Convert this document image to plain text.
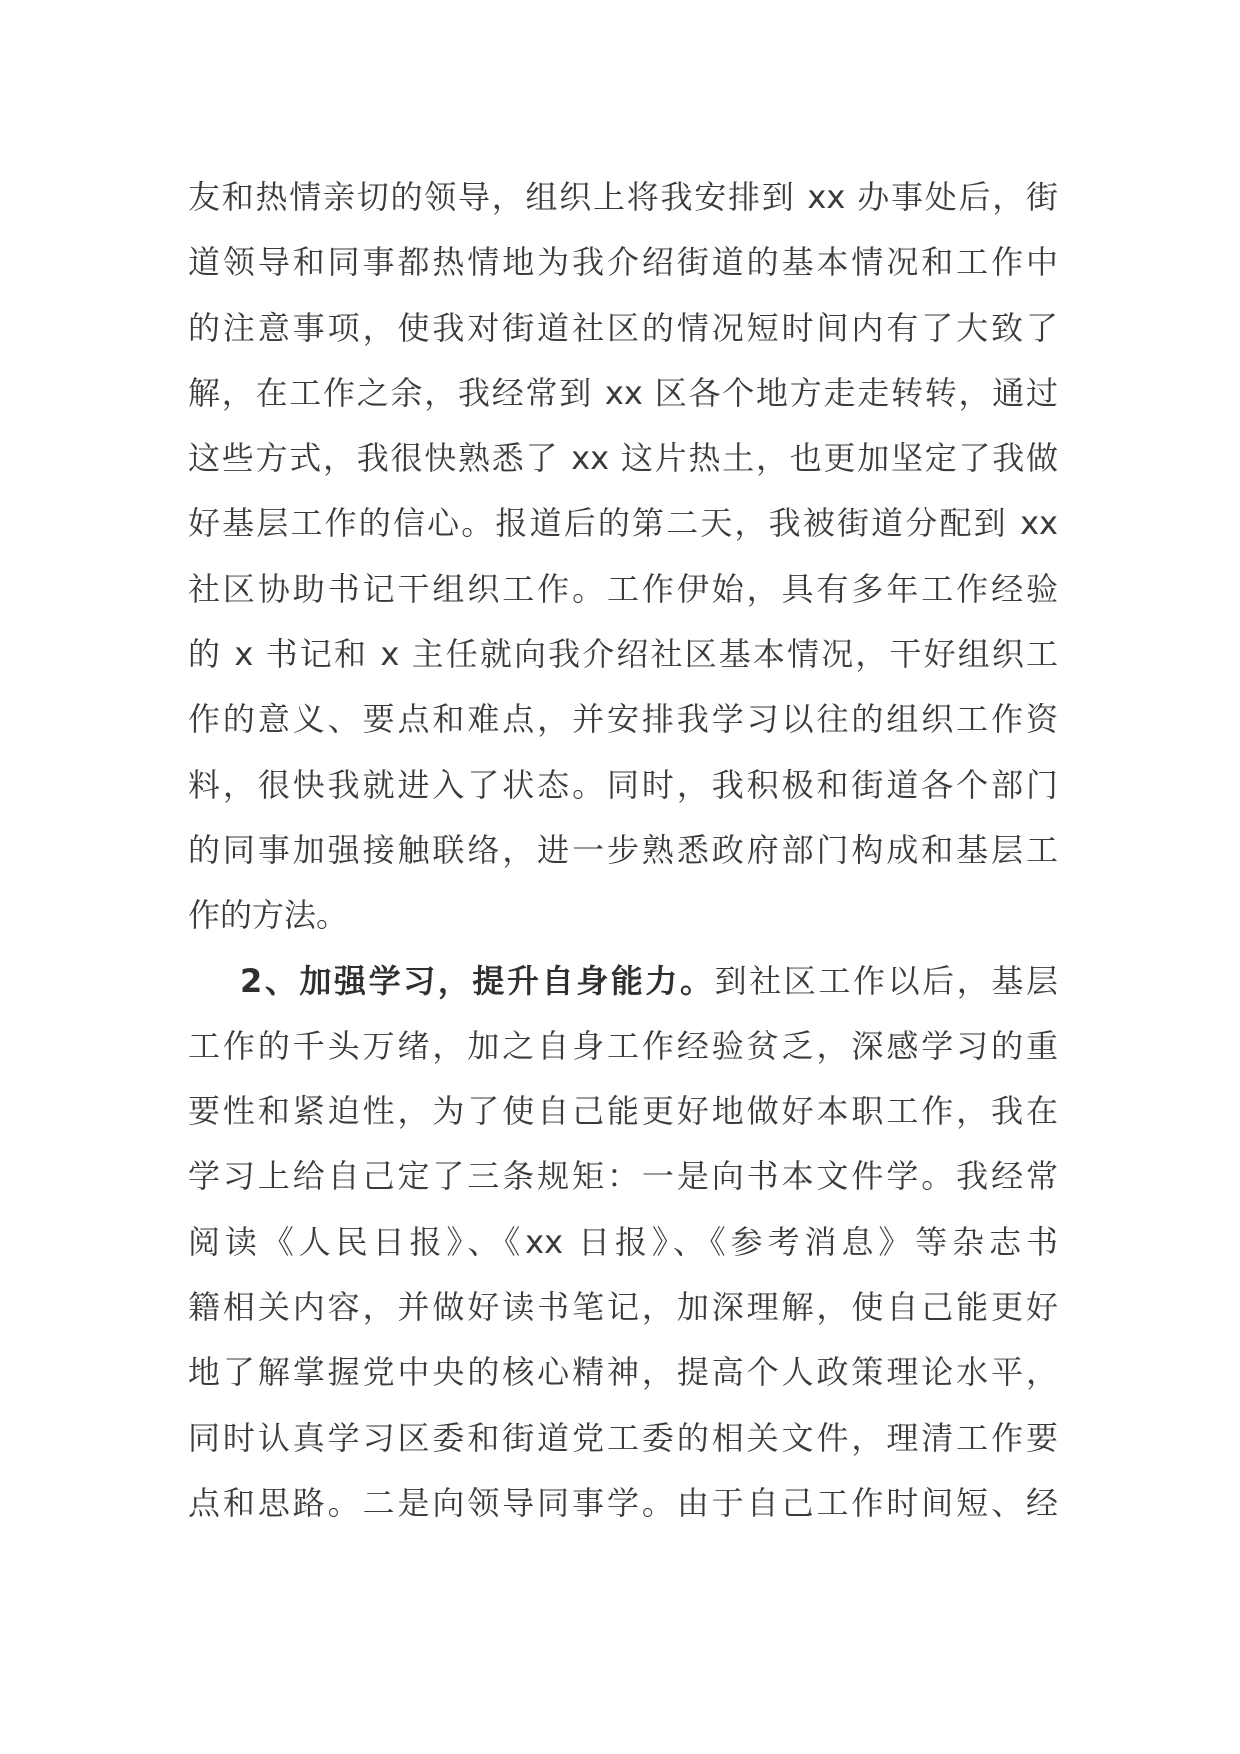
友和热情亲切的领导，组织上将我安排到 xx 办事处后，街
道领导和同事都热情地为我介绍街道的基本情况和工作中
的注意事项，使我对街道社区的情况短时间内有了大致了
解，在工作之余，我经常到 xx 区各个地方走走转转，通过
这些方式，我很快熟悉了 xx 这片热土，也更加坚定了我做
好基层工作的信心。报道后的第二天，我被街道分配到 xx
社区协助书记干组织工作。工作伊始，具有多年工作经验
的 x 书记和 x 主任就向我介绍社区基本情况，干好组织工
作的意义、要点和难点，并安排我学习以往的组织工作资
料，很快我就进入了状态。同时，我积极和街道各个部门
的同事加强接触联络，进一步熟悉政府部门构成和基层工
作的方法。
2、加强学习，提升自身能力。到社区工作以后，基层
工作的千头万绪，加之自身工作经验贫乏，深感学习的重
要性和紧迫性，为了使自己能更好地做好本职工作，我在
学习上给自己定了三条规矩：一是向书本文件学。我经常
阅读《人民日报》、《xx 日报》、《参考消息》等杂志书
籍相关内容，并做好读书笔记，加深理解，使自己能更好
地了解掌握党中央的核心精神，提高个人政策理论水平，
同时认真学习区委和街道党工委的相关文件，理清工作要
点和思路。二是向领导同事学。由于自己工作时间短、经
